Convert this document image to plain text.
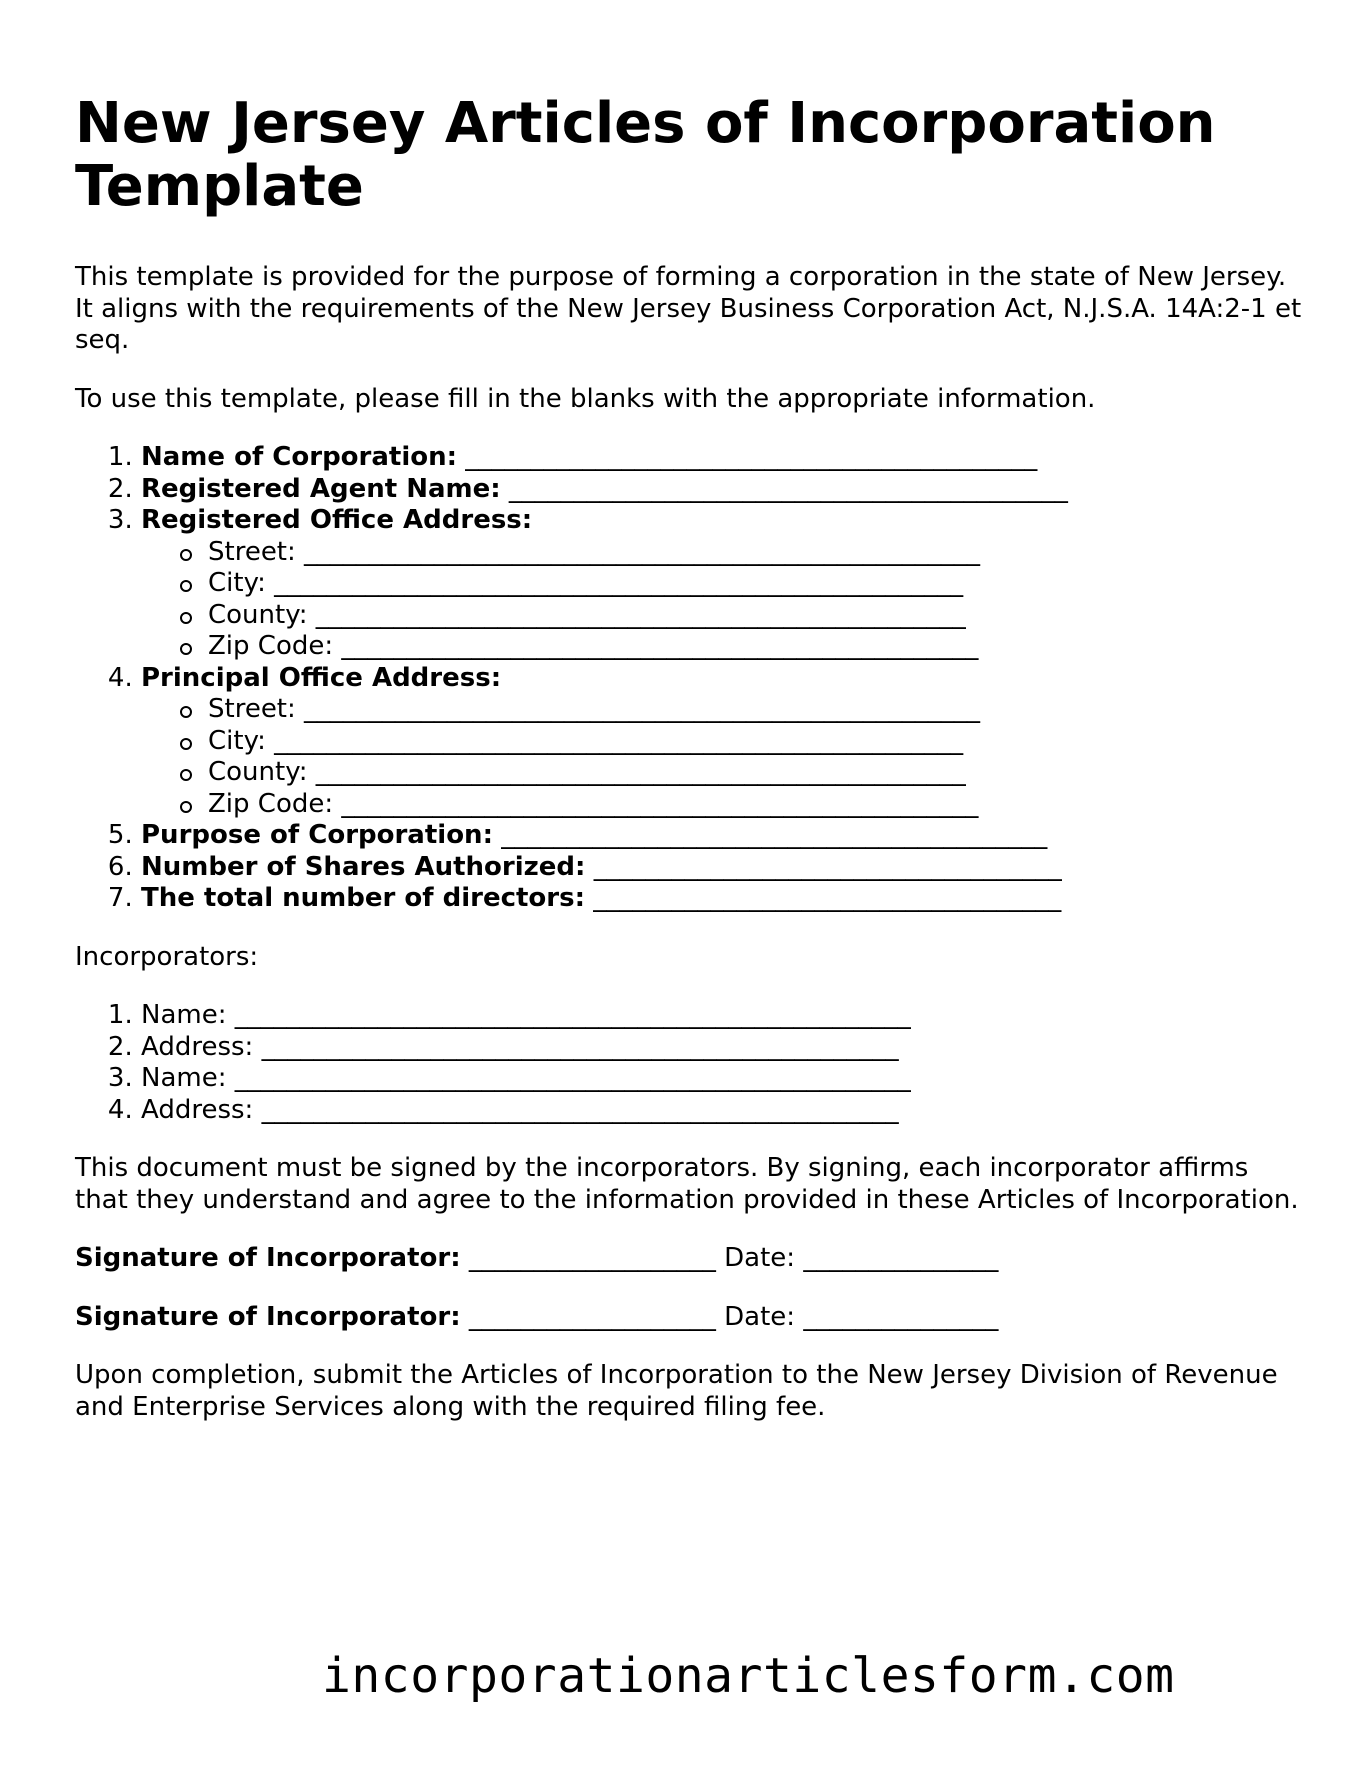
New Jersey Articles of Incorporation Template

This template is provided for the purpose of forming a corporation in the state of New Jersey. It aligns with the requirements of the New Jersey Business Corporation Act, N.J.S.A. 14A:2-1 et seq.

To use this template, please fill in the blanks with the appropriate information.

1. Name of Corporation: ____________________________________________
2. Registered Agent Name: ___________________________________________
3. Registered Office Address:
Street: ____________________________________________________
City: _____________________________________________________
County: __________________________________________________
Zip Code: _________________________________________________
4. Principal Office Address:
Street: ____________________________________________________
City: _____________________________________________________
County: __________________________________________________
Zip Code: _________________________________________________
5. Purpose of Corporation: __________________________________________
6. Number of Shares Authorized: ____________________________________
7. The total number of directors: ____________________________________

Incorporators:

1. Name: ____________________________________________________
2. Address: _________________________________________________
3. Name: ____________________________________________________
4. Address: _________________________________________________

This document must be signed by the incorporators. By signing, each incorporator affirms that they understand and agree to the information provided in these Articles of Incorporation.

Signature of Incorporator: ___________________ Date: _______________

Signature of Incorporator: ___________________ Date: _______________

Upon completion, submit the Articles of Incorporation to the New Jersey Division of Revenue and Enterprise Services along with the required filing fee.

incorporationarticlesform.com
